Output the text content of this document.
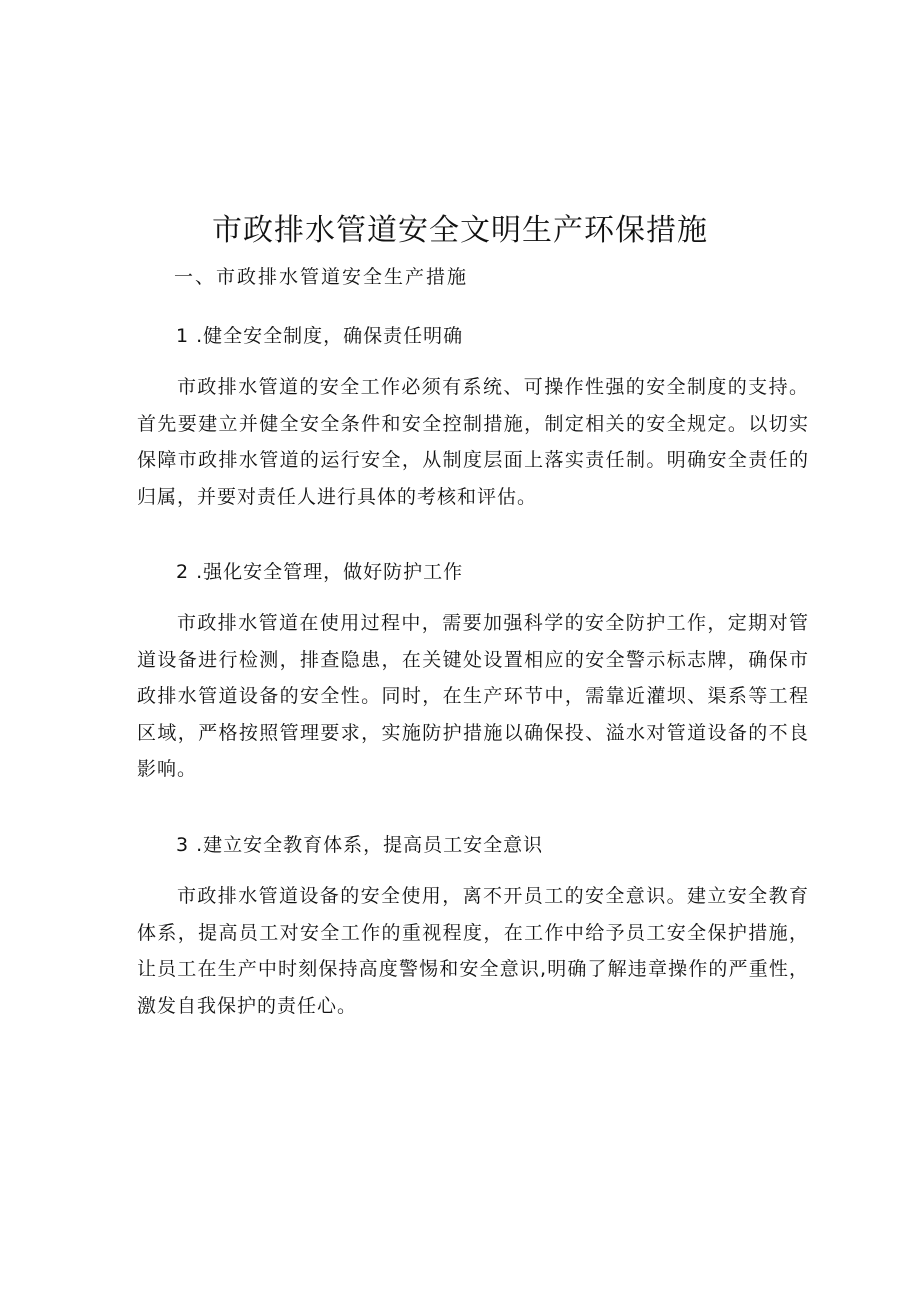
市政排水管道安全文明生产环保措施

一、市政排水管道安全生产措施

1 .健全安全制度，确保责任明确

市政排水管道的安全工作必须有系统、可操作性强的安全制度的支持。首先要建立并健全安全条件和安全控制措施，制定相关的安全规定。以切实保障市政排水管道的运行安全，从制度层面上落实责任制。明确安全责任的归属，并要对责任人进行具体的考核和评估。

2 .强化安全管理，做好防护工作

市政排水管道在使用过程中，需要加强科学的安全防护工作，定期对管道设备进行检测，排查隐患，在关键处设置相应的安全警示标志牌，确保市政排水管道设备的安全性。同时，在生产环节中，需靠近灌坝、渠系等工程区域，严格按照管理要求，实施防护措施以确保投、溢水对管道设备的不良影响。

3 .建立安全教育体系，提高员工安全意识

市政排水管道设备的安全使用，离不开员工的安全意识。建立安全教育体系，提高员工对安全工作的重视程度，在工作中给予员工安全保护措施，让员工在生产中时刻保持高度警惕和安全意识,明确了解违章操作的严重性，激发自我保护的责任心。
